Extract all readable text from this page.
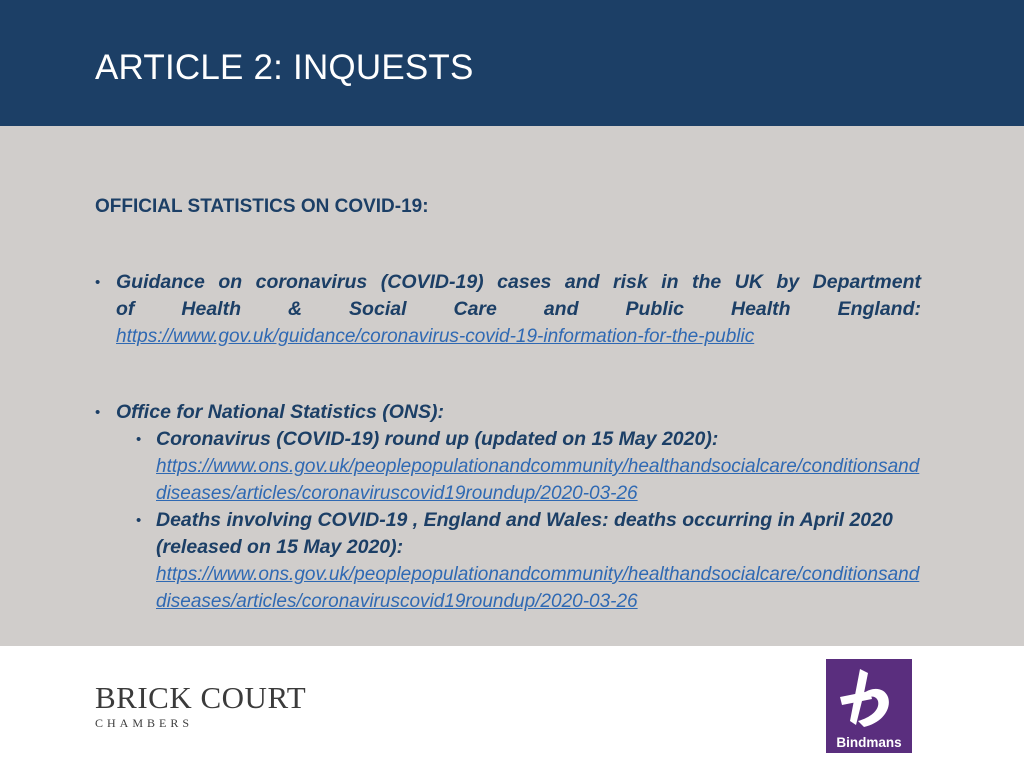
ARTICLE 2: INQUESTS
OFFICIAL STATISTICS ON COVID-19:
• Guidance on coronavirus (COVID-19) cases and risk in the UK by Department
of Health & Social Care and Public Health England:
https://www.gov.uk/guidance/coronavirus-covid-19-information-for-the-public
• Office for National Statistics (ONS):
• Coronavirus (COVID-19) round up (updated on 15 May 2020):
https://www.ons.gov.uk/peoplepopulationandcommunity/healthandsocialcare/conditionsanddiseases/articles/coronaviruscovid19roundup/2020-03-26
• Deaths involving COVID-19 , England and Wales: deaths occurring in April 2020 (released on 15 May 2020):
https://www.ons.gov.uk/peoplepopulationandcommunity/healthandsocialcare/conditionsanddiseases/articles/coronaviruscovid19roundup/2020-03-26
BRICK COURT
CHAMBERS
Bindmans
